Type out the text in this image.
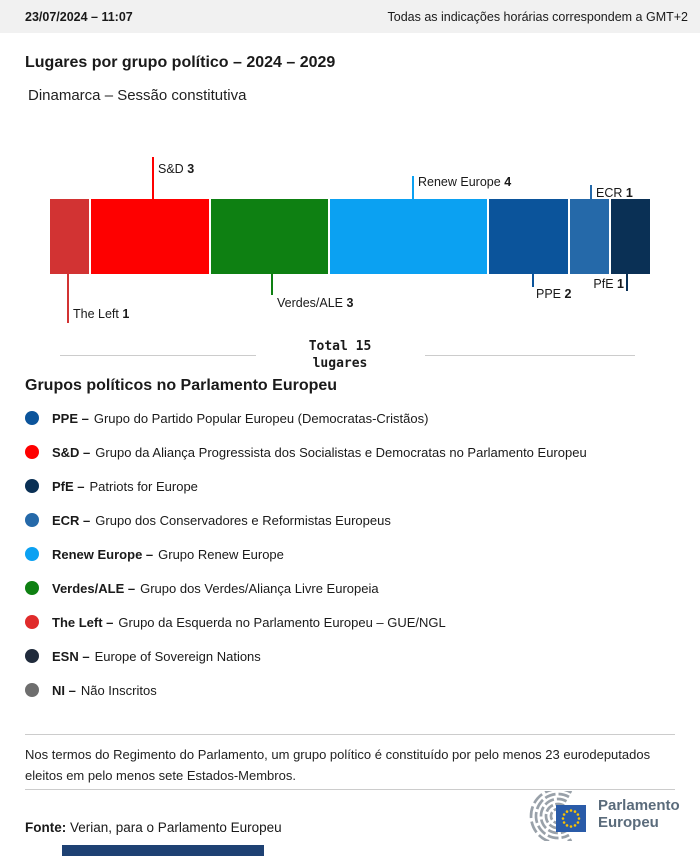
23/07/2024 – 11:07	Todas as indicações horárias correspondem a GMT+2
Lugares por grupo político – 2024 – 2029
Dinamarca – Sessão constitutiva
The Left 1
S&D 3
Verdes/ALE 3
Renew Europe 4
PPE 2
ECR 1
PfE 1
Total 15
lugares
Grupos políticos no Parlamento Europeu
PPE – Grupo do Partido Popular Europeu (Democratas-Cristãos)
S&D – Grupo da Aliança Progressista dos Socialistas e Democratas no Parlamento Europeu
PfE – Patriots for Europe
ECR – Grupo dos Conservadores e Reformistas Europeus
Renew Europe – Grupo Renew Europe
Verdes/ALE – Grupo dos Verdes/Aliança Livre Europeia
The Left – Grupo da Esquerda no Parlamento Europeu – GUE/NGL
ESN – Europe of Sovereign Nations
NI – Não Inscritos

Nos termos do Regimento do Parlamento, um grupo político é constituído por pelo menos 23 eurodeputados eleitos em pelo menos sete Estados-Membros.

Fonte: Verian, para o Parlamento Europeu

Parlamento
Europeu
